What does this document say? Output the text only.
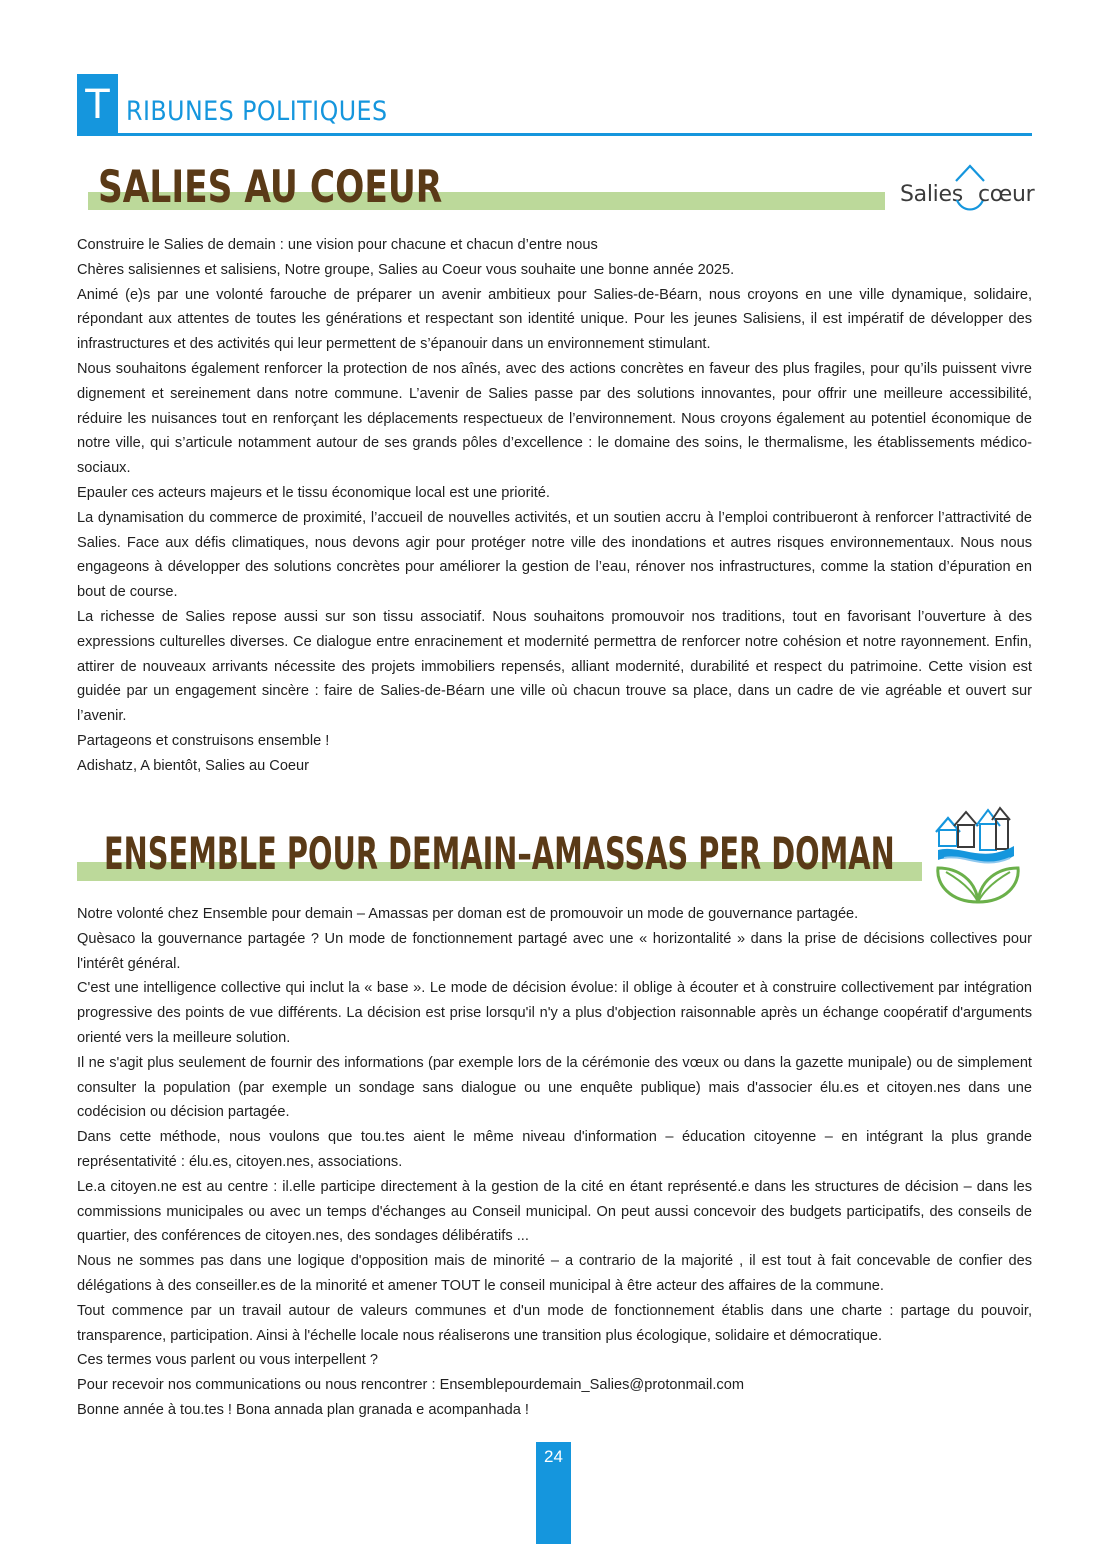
T RIBUNES POLITIQUES
SALIES AU COEUR	Salies cœur

Construire le Salies de demain : une vision pour chacune et chacun d’entre nous

Chères salisiennes et salisiens, Notre groupe, Salies au Coeur vous souhaite une bonne année 2025.

Animé (e)s par une volonté farouche de préparer un avenir ambitieux pour Salies-de-Béarn, nous croyons en une ville dynamique, solidaire, répondant aux attentes de toutes les générations et respectant son identité unique. Pour les jeunes Salisiens, il est impératif de développer des infrastructures et des activités qui leur permettent de s’épanouir dans un environnement stimulant.

Nous souhaitons également renforcer la protection de nos aînés, avec des actions concrètes en faveur des plus fragiles, pour qu’ils puissent vivre dignement et sereinement dans notre commune. L’avenir de Salies passe par des solutions innovantes, pour offrir une meilleure accessibilité, réduire les nuisances tout en renforçant les déplacements respectueux de l’environnement. Nous croyons également au potentiel économique de notre ville, qui s’articule notamment autour de ses grands pôles d’excellence : le domaine des soins, le thermalisme, les établissements médico-sociaux.

Epauler ces acteurs majeurs et le tissu économique local est une priorité.

La dynamisation du commerce de proximité, l’accueil de nouvelles activités, et un soutien accru à l’emploi contribueront à renforcer l’attractivité de Salies. Face aux défis climatiques, nous devons agir pour protéger notre ville des inondations et autres risques environnementaux. Nous nous engageons à développer des solutions concrètes pour améliorer la gestion de l’eau, rénover nos infrastructures, comme la station d’épuration en bout de course.

La richesse de Salies repose aussi sur son tissu associatif. Nous souhaitons promouvoir nos traditions, tout en favorisant l’ouverture à des expressions culturelles diverses. Ce dialogue entre enracinement et modernité permettra de renforcer notre cohésion et notre rayonnement. Enfin, attirer de nouveaux arrivants nécessite des projets immobiliers repensés, alliant modernité, durabilité et respect du patrimoine. Cette vision est guidée par un engagement sincère : faire de Salies-de-Béarn une ville où chacun trouve sa place, dans un cadre de vie agréable et ouvert sur l’avenir.

Partageons et construisons ensemble !

Adishatz, A bientôt, Salies au Coeur

ENSEMBLE POUR DEMAIN–AMASSAS PER DOMAN

Notre volonté chez Ensemble pour demain – Amassas per doman est de promouvoir un mode de gouvernance partagée.

Quèsaco la gouvernance partagée ? Un mode de fonctionnement partagé avec une « horizontalité » dans la prise de décisions collectives pour l'intérêt général.

C'est une intelligence collective qui inclut la « base ». Le mode de décision évolue: il oblige à écouter et à construire collectivement par intégration progressive des points de vue différents. La décision est prise lorsqu'il n'y a plus d'objection raisonnable après un échange coopératif d'arguments orienté vers la meilleure solution.

Il ne s'agit plus seulement de fournir des informations (par exemple lors de la cérémonie des vœux ou dans la gazette munipale) ou de simplement consulter la population (par exemple un sondage sans dialogue ou une enquête publique) mais d'associer élu.es et citoyen.nes dans une codécision ou décision partagée.

Dans cette méthode, nous voulons que tou.tes aient le même niveau d'information – éducation citoyenne – en intégrant la plus grande représentativité : élu.es, citoyen.nes, associations.

Le.a citoyen.ne est au centre : il.elle participe directement à la gestion de la cité en étant représenté.e dans les structures de décision – dans les commissions municipales ou avec un temps d'échanges au Conseil municipal. On peut aussi concevoir des budgets participatifs, des conseils de quartier, des conférences de citoyen.nes, des sondages délibératifs ...

Nous ne sommes pas dans une logique d'opposition mais de minorité – a contrario de la majorité , il est tout à fait concevable de confier des délégations à des conseiller.es de la minorité et amener TOUT le conseil municipal à être acteur des affaires de la commune.

Tout commence par un travail autour de valeurs communes et d'un mode de fonctionnement établis dans une charte : partage du pouvoir, transparence, participation. Ainsi à l'échelle locale nous réaliserons une transition plus écologique, solidaire et démocratique.

Ces termes vous parlent ou vous interpellent ?

Pour recevoir nos communications ou nous rencontrer : Ensemblepourdemain_Salies@protonmail.com

Bonne année à tou.tes ! Bona annada plan granada e acompanhada !

24
